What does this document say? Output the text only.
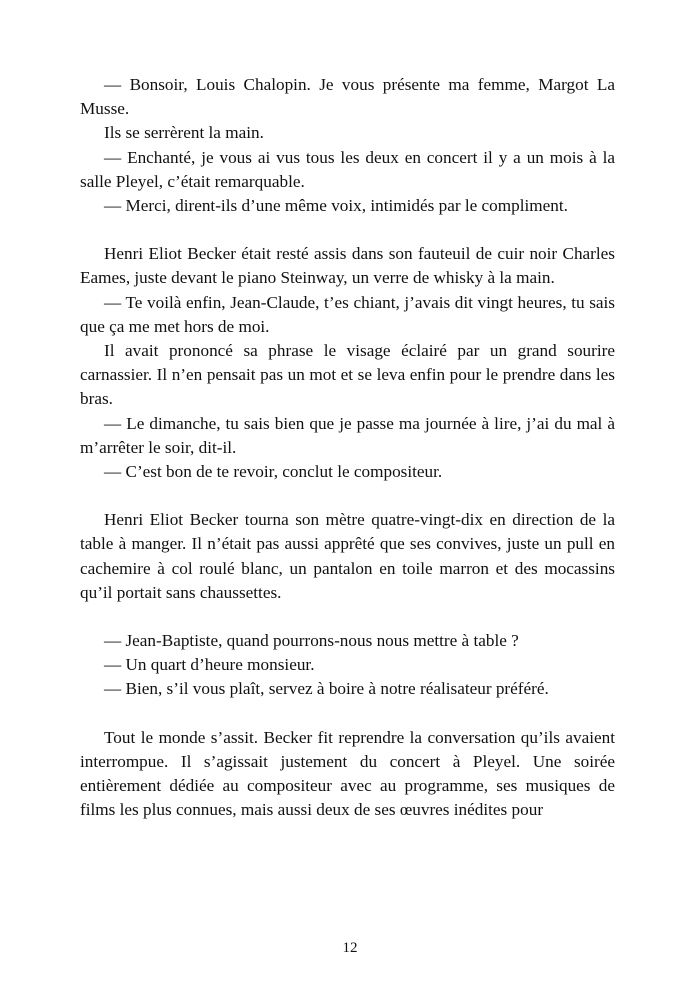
— Bonsoir, Louis Chalopin. Je vous présente ma femme, Margot La Musse.

Ils se serrèrent la main.

— Enchanté, je vous ai vus tous les deux en concert il y a un mois à la salle Pleyel, c’était remarquable.

— Merci, dirent-ils d’une même voix, intimidés par le compliment.

Henri Eliot Becker était resté assis dans son fauteuil de cuir noir Charles Eames, juste devant le piano Steinway, un verre de whisky à la main.

— Te voilà enfin, Jean-Claude, t’es chiant, j’avais dit vingt heures, tu sais que ça me met hors de moi.

Il avait prononcé sa phrase le visage éclairé par un grand sourire carnassier. Il n’en pensait pas un mot et se leva enfin pour le prendre dans les bras.

— Le dimanche, tu sais bien que je passe ma journée à lire, j’ai du mal à m’arrêter le soir, dit-il.

— C’est bon de te revoir, conclut le compositeur.

Henri Eliot Becker tourna son mètre quatre-vingt-dix en direction de la table à manger. Il n’était pas aussi apprêté que ses convives, juste un pull en cachemire à col roulé blanc, un pantalon en toile marron et des mocassins qu’il portait sans chaussettes.

— Jean-Baptiste, quand pourrons-nous nous mettre à table ?

— Un quart d’heure monsieur.

— Bien, s’il vous plaît, servez à boire à notre réalisateur préféré.

Tout le monde s’assit. Becker fit reprendre la conversation qu’ils avaient interrompue. Il s’agissait justement du concert à Pleyel. Une soirée entièrement dédiée au compositeur avec au programme, ses musiques de films les plus connues, mais aussi deux de ses œuvres inédites pour

12
